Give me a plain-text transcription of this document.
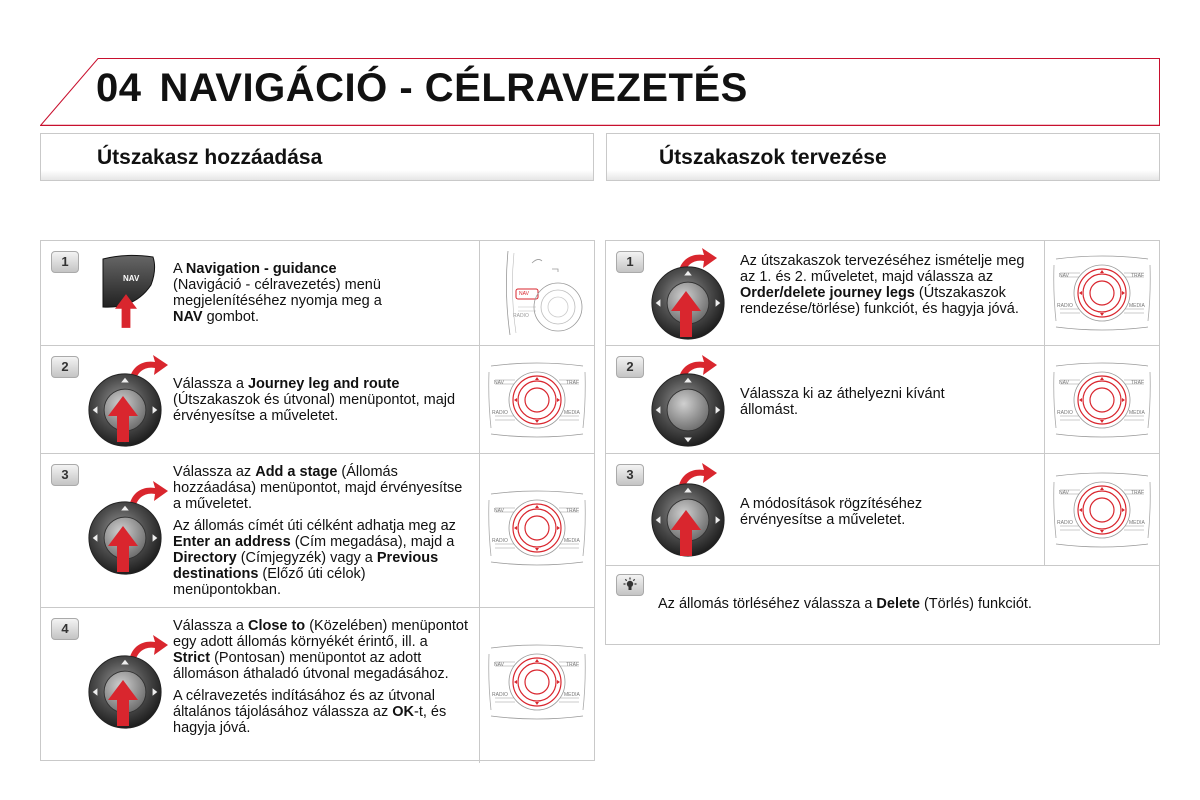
04 NAVIGÁCIÓ - CÉLRAVEZETÉS
Útszakasz hozzáadása	Útszakaszok tervezése
1
NAV

A Navigation - guidance (Navigáció - célravezetés) menü megjelenítéséhez nyomja meg a NAV gombot.

NAV
RADIO
2

Válassza a Journey leg and route (Útszakaszok és útvonal) menüpontot, majd érvényesítse a műveletet.

NAV	TRAF
RADIO	MEDIA
3	Válassza az Add a stage (Állomás hozzáadása) menüpontot, majd érvényesítse a műveletet.

Az állomás címét úti célként adhatja meg az Enter an address (Cím megadása), majd a Directory (Címjegyzék) vagy a Previous destinations (Előző úti célok) menüpontokban.

NAV	TRAF
RADIO	MEDIA
4	Válassza a Close to (Közelében) menüpontot egy adott állomás környékét érintő, ill. a Strict (Pontosan) menüpontot az adott állomáson áthaladó útvonal megadásához.

A célravezetés indításához és az útvonal általános tájolásához válassza az OK-t, és hagyja jóvá.

NAV	TRAF
RADIO	MEDIA
1	Az útszakaszok tervezéséhez ismételje meg az 1. és 2. műveletet, majd válassza az Order/delete journey legs (Útszakaszok rendezése/törlése) funkciót, és hagyja jóvá.

NAV	TRAF
RADIO	MEDIA
2

Válassza ki az áthelyezni kívánt állomást.

NAV	TRAF
RADIO	MEDIA
3

A módosítások rögzítéséhez érvényesítse a műveletet.

NAV	TRAF
RADIO	MEDIA
Az állomás törléséhez válassza a Delete (Törlés) funkciót.
